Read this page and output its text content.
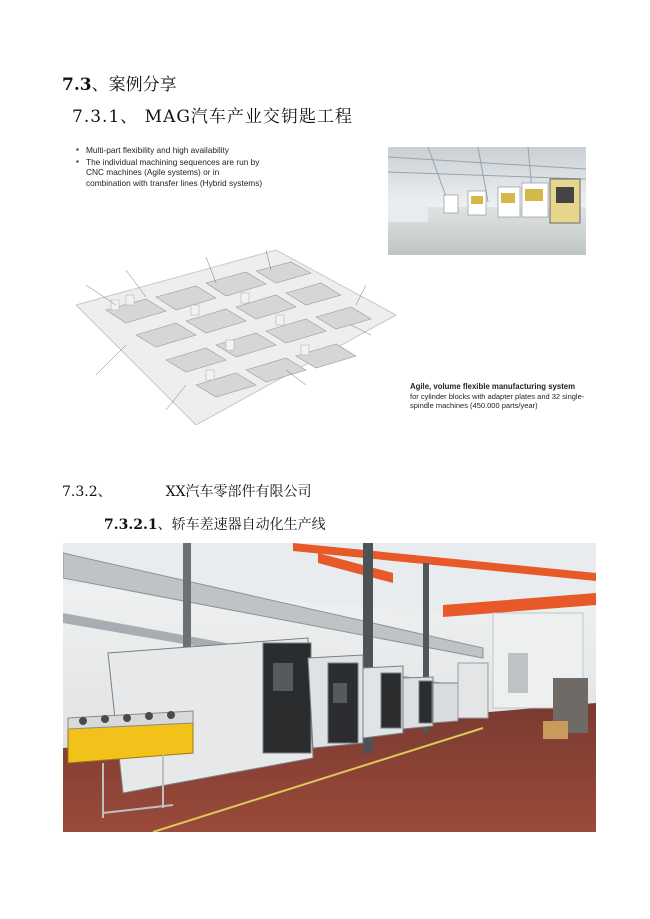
7.3、案例分享
7.3.1、 MAG汽车产业交钥匙工程
▪ Multi-part flexibility and high availability
▪ The individual machining sequences are run by CNC machines (Agile systems) or in combination with transfer lines (Hybrid systems)
Agile, volume flexible manufacturing system
for cylinder blocks with adapter plates and 32 single-spindle machines (450.000 parts/year)
7.3.2、	XX汽车零部件有限公司
7.3.2.1、轿车差速器自动化生产线
